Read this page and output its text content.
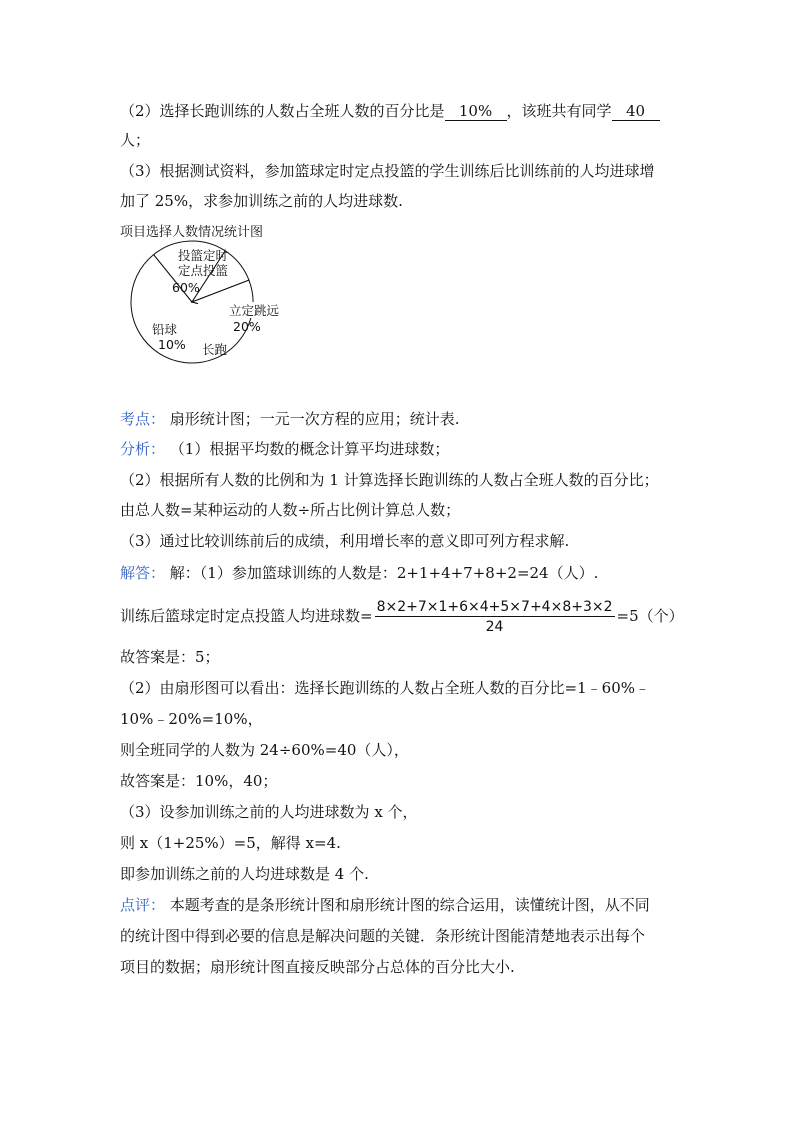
（2）选择长跑训练的人数占全班人数的百分比是 10% ，该班共有同学 40
人；
（3）根据测试资料，参加篮球定时定点投篮的学生训练后比训练前的人均进球增
加了 25%，求参加训练之前的人均进球数.
项目选择人数情况统计图
投篮定时
定点投篮
60%
立定跳远
20%
长跑
铅球
10%
考点： 扇形统计图；一元一次方程的应用；统计表.
分析： （1）根据平均数的概念计算平均进球数；
（2）根据所有人数的比例和为 1 计算选择长跑训练的人数占全班人数的百分比；
由总人数=某种运动的人数÷所占比例计算总人数；
（3）通过比较训练前后的成绩，利用增长率的意义即可列方程求解.
解答： 解：（1）参加篮球训练的人数是：2+1+4+7+8+2=24（人）.
训练后篮球定时定点投篮人均进球数= $\frac{8\times 2+7\times 1+6\times 4+5\times 7+4\times 8+3\times 2}{24} =5$（个）
故答案是：5；
（2）由扇形图可以看出：选择长跑训练的人数占全班人数的百分比=1﹣60%﹣
10%﹣20%=10%，
则全班同学的人数为 24÷60%=40（人），
故答案是：10%，40；
（3）设参加训练之前的人均进球数为 x 个，
则 x（1+25%）=5，解得 x=4.
即参加训练之前的人均进球数是 4 个.
点评： 本题考查的是条形统计图和扇形统计图的综合运用，读懂统计图，从不同
的统计图中得到必要的信息是解决问题的关键．条形统计图能清楚地表示出每个
项目的数据；扇形统计图直接反映部分占总体的百分比大小.
